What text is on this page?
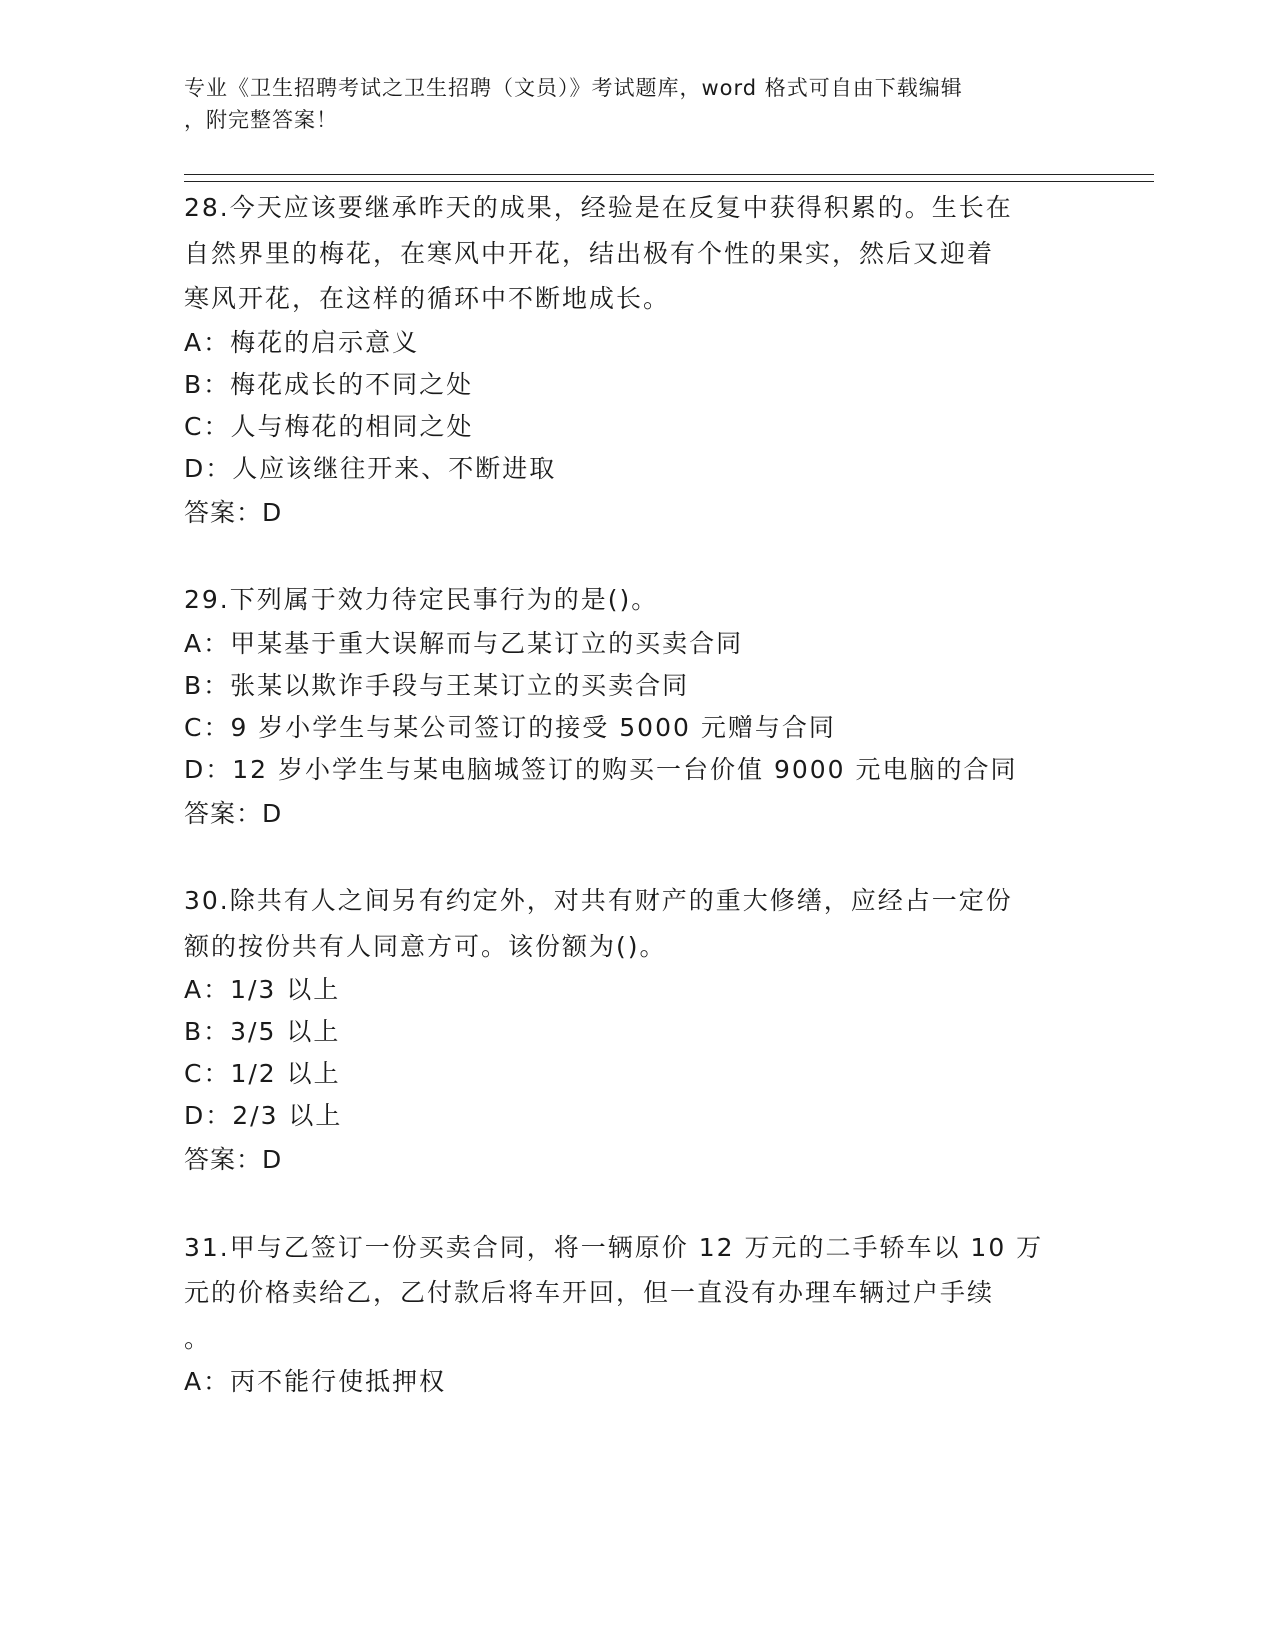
专业《卫生招聘考试之卫生招聘（文员）》考试题库，word 格式可自由下载编辑
，附完整答案！
28.今天应该要继承昨天的成果，经验是在反复中获得积累的。生长在
自然界里的梅花，在寒风中开花，结出极有个性的果实，然后又迎着
寒风开花，在这样的循环中不断地成长。
A：梅花的启示意义
B：梅花成长的不同之处
C：人与梅花的相同之处
D：人应该继往开来、不断进取
答案：D
29.下列属于效力待定民事行为的是()。
A：甲某基于重大误解而与乙某订立的买卖合同
B：张某以欺诈手段与王某订立的买卖合同
C：9 岁小学生与某公司签订的接受 5000 元赠与合同
D：12 岁小学生与某电脑城签订的购买一台价值 9000 元电脑的合同
答案：D
30.除共有人之间另有约定外，对共有财产的重大修缮，应经占一定份
额的按份共有人同意方可。该份额为()。
A：1/3 以上
B：3/5 以上
C：1/2 以上
D：2/3 以上
答案：D
31.甲与乙签订一份买卖合同，将一辆原价 12 万元的二手轿车以 10 万
元的价格卖给乙，乙付款后将车开回，但一直没有办理车辆过户手续
。
A：丙不能行使抵押权
